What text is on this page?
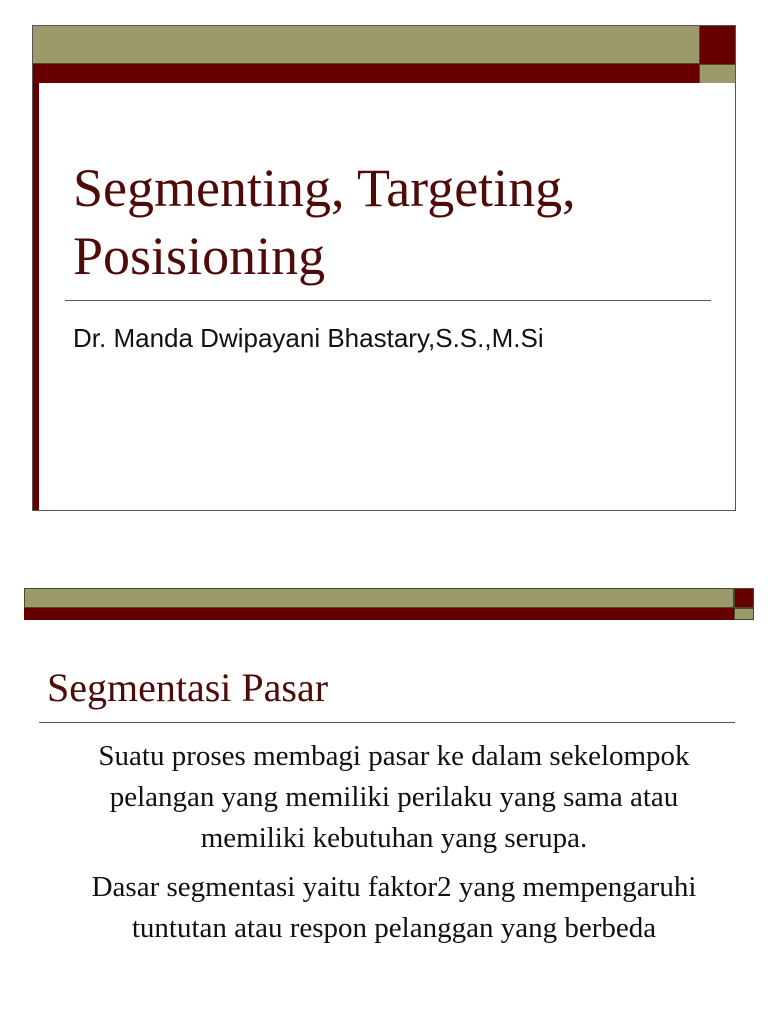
Segmenting, Targeting,
Posisioning
Dr. Manda Dwipayani Bhastary,S.S.,M.Si
Segmentasi Pasar

Suatu proses membagi pasar ke dalam sekelompok pelangan yang memiliki perilaku yang sama atau memiliki kebutuhan yang serupa.

Dasar segmentasi yaitu faktor2 yang mempengaruhi tuntutan atau respon pelanggan yang berbeda
